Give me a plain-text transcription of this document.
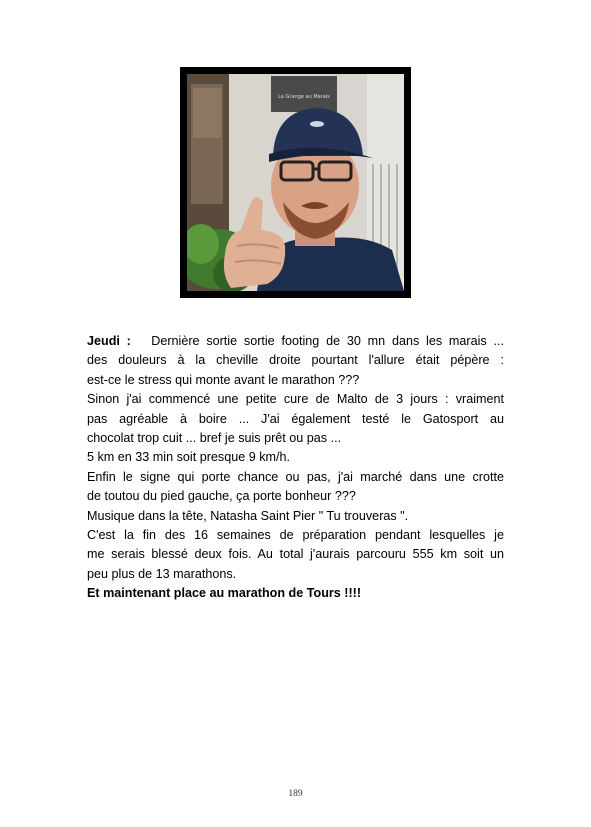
La Grange au Marais

Jeudi : Dernière sortie sortie footing de 30 mn dans les marais ...

des douleurs à la cheville droite pourtant l'allure était pépère :

est-ce le stress qui monte avant le marathon ???

Sinon j'ai commencé une petite cure de Malto de 3 jours : vraiment

pas agréable à boire ... J'ai également testé le Gatosport au

chocolat trop cuit ... bref je suis prêt ou pas ...

5 km en 33 min soit presque 9 km/h.

Enfin le signe qui porte chance ou pas, j'ai marché dans une crotte

de toutou du pied gauche, ça porte bonheur ???

Musique dans la tête, Natasha Saint Pier " Tu trouveras ".

C'est la fin des 16 semaines de préparation pendant lesquelles je

me serais blessé deux fois. Au total j'aurais parcouru 555 km soit un

peu plus de 13 marathons.

Et maintenant place au marathon de Tours !!!!

189
